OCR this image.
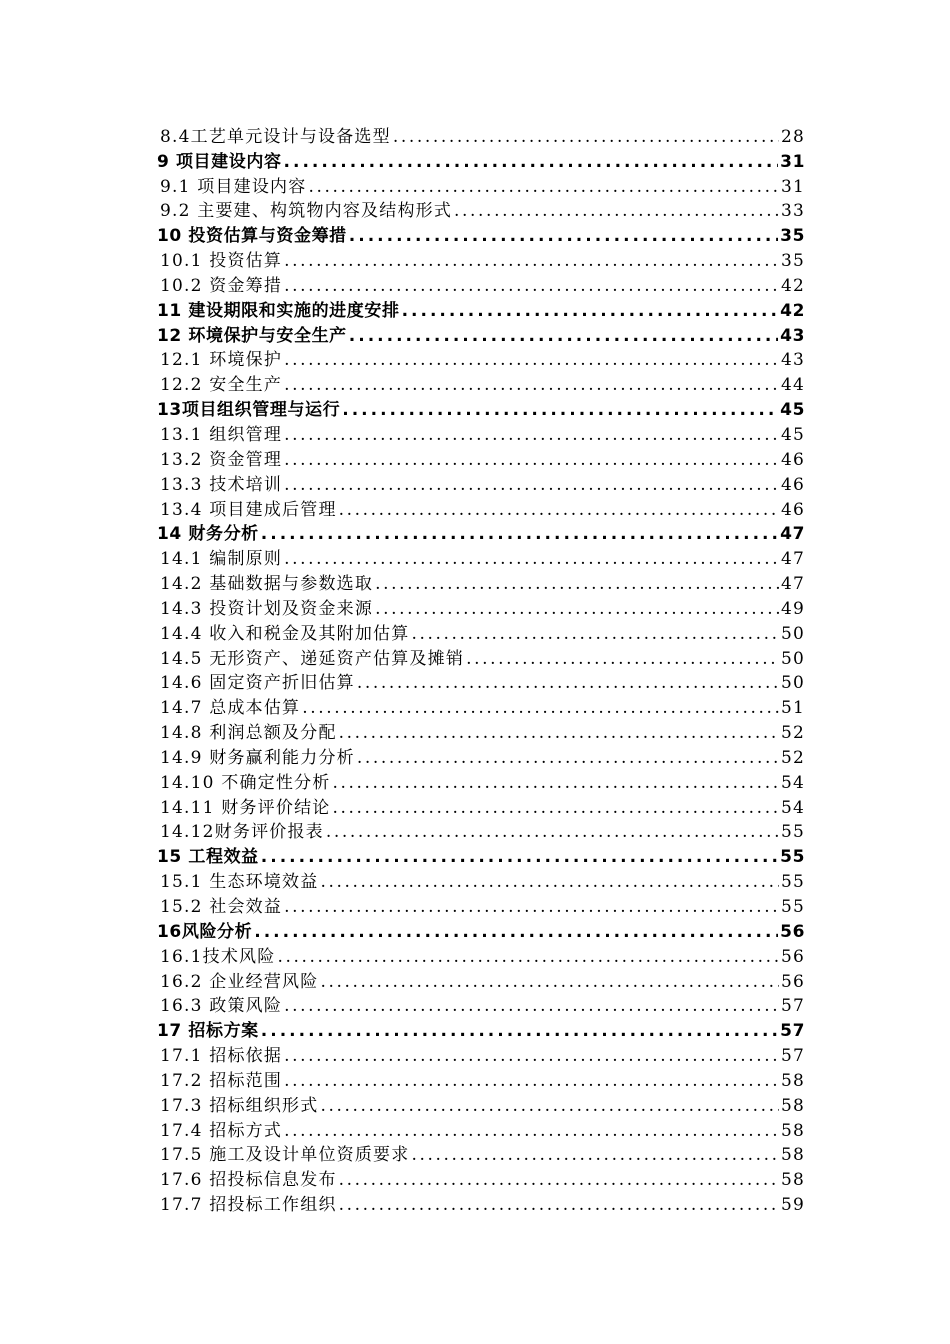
8.4工艺单元设计与设备选型 .....	28
9 项目建设内容 .....	31
9.1 项目建设内容 .....	31
9.2 主要建、构筑物内容及结构形式 .....	33
10 投资估算与资金筹措 .....	35
10.1 投资估算 .....	35
10.2 资金筹措 .....	42
11 建设期限和实施的进度安排 .....	42
12 环境保护与安全生产 .....	43
12.1 环境保护 .....	43
12.2 安全生产 .....	44
13项目组织管理与运行 .....	45
13.1 组织管理 .....	45
13.2 资金管理 .....	46
13.3 技术培训 .....	46
13.4 项目建成后管理 .....	46
14 财务分析 .....	47
14.1 编制原则 .....	47
14.2 基础数据与参数选取 .....	47
14.3 投资计划及资金来源 .....	49
14.4 收入和税金及其附加估算 .....	50
14.5 无形资产、递延资产估算及摊销 .....	50
14.6 固定资产折旧估算 .....	50
14.7 总成本估算 .....	51
14.8 利润总额及分配 .....	52
14.9 财务赢利能力分析 .....	52
14.10 不确定性分析 .....	54
14.11 财务评价结论 .....	54
14.12财务评价报表 .....	55
15 工程效益 .....	55
15.1 生态环境效益 .....	55
15.2 社会效益 .....	55
16风险分析 .....	56
16.1技术风险 .....	56
16.2 企业经营风险 .....	56
16.3 政策风险 .....	57
17 招标方案 .....	57
17.1 招标依据 .....	57
17.2 招标范围 .....	58
17.3 招标组织形式 .....	58
17.4 招标方式 .....	58
17.5 施工及设计单位资质要求 .....	58
17.6 招投标信息发布 .....	58
17.7 招投标工作组织 .....	59
